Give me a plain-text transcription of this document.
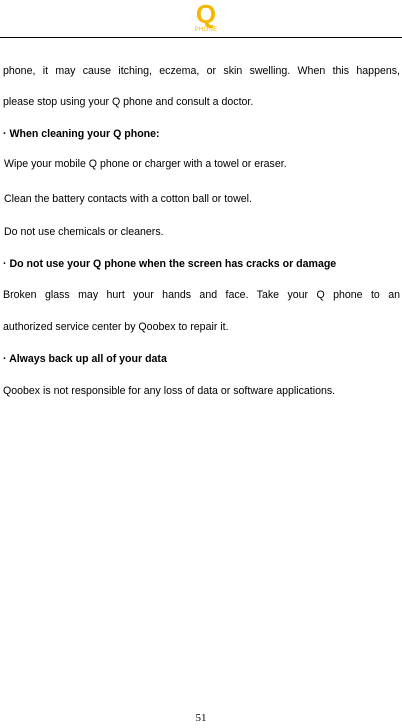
Q
PHONE
phone, it may cause itching, eczema, or skin swelling. When this happens,
please stop using your Q phone and consult a doctor.
· When cleaning your Q phone:
Wipe your mobile Q phone or charger with a towel or eraser.
Clean the battery contacts with a cotton ball or towel.
Do not use chemicals or cleaners.
· Do not use your Q phone when the screen has cracks or damage
Broken glass may hurt your hands and face. Take your Q phone to an
authorized service center by Qoobex to repair it.
· Always back up all of your data
Qoobex is not responsible for any loss of data or software applications.
51
